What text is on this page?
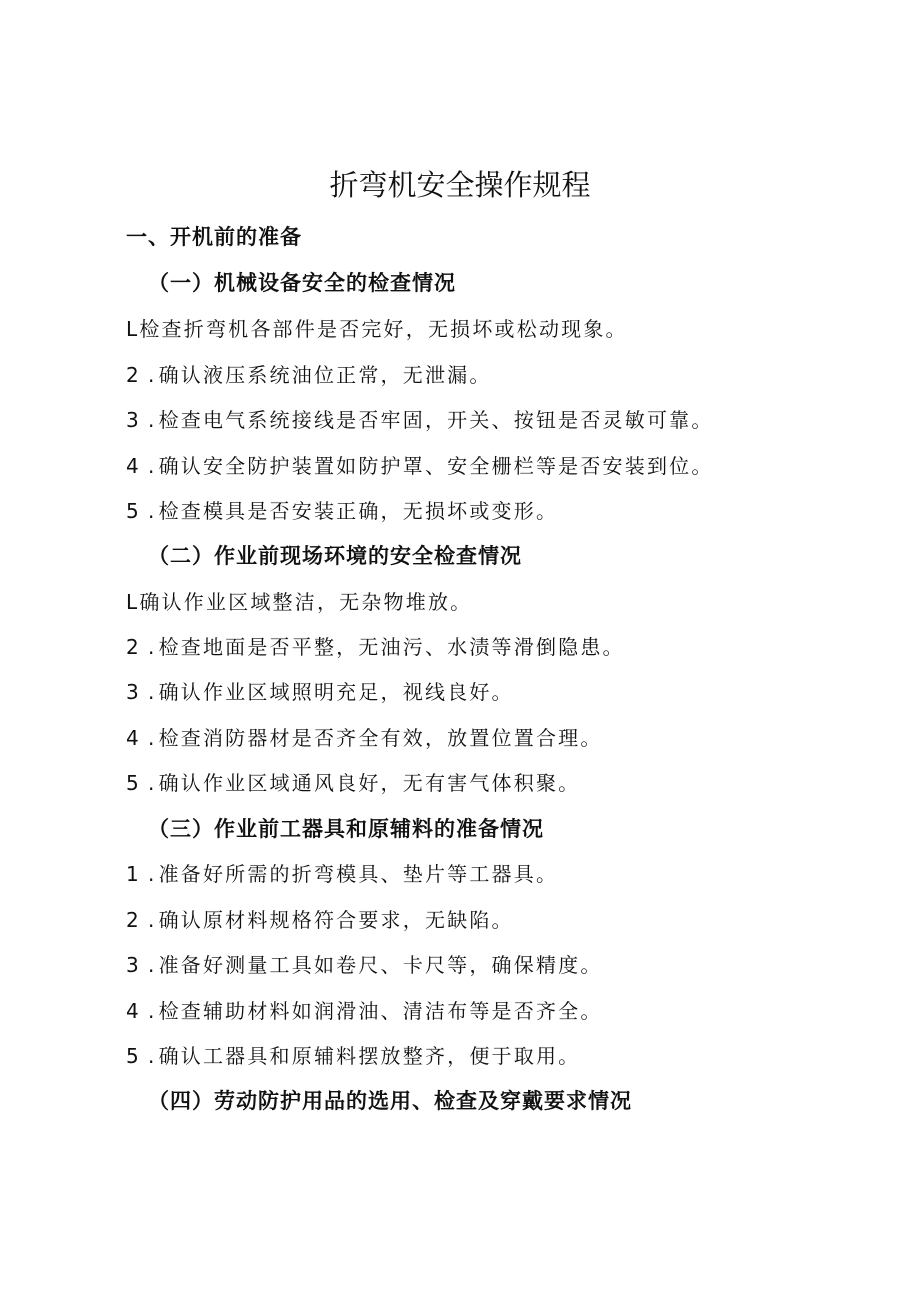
折弯机安全操作规程
一、开机前的准备
（一）机械设备安全的检查情况
L检查折弯机各部件是否完好，无损坏或松动现象。
2 . 确认液压系统油位正常，无泄漏。
3 . 检查电气系统接线是否牢固，开关、按钮是否灵敏可靠。
4 . 确认安全防护装置如防护罩、安全栅栏等是否安装到位。
5 . 检查模具是否安装正确，无损坏或变形。
（二）作业前现场环境的安全检查情况
L确认作业区域整洁，无杂物堆放。
2 . 检查地面是否平整，无油污、水渍等滑倒隐患。
3 . 确认作业区域照明充足，视线良好。
4 . 检查消防器材是否齐全有效，放置位置合理。
5 . 确认作业区域通风良好，无有害气体积聚。
（三）作业前工器具和原辅料的准备情况
1 . 准备好所需的折弯模具、垫片等工器具。
2 . 确认原材料规格符合要求，无缺陷。
3 . 准备好测量工具如卷尺、卡尺等，确保精度。
4 . 检查辅助材料如润滑油、清洁布等是否齐全。
5 . 确认工器具和原辅料摆放整齐，便于取用。
（四）劳动防护用品的选用、检查及穿戴要求情况
